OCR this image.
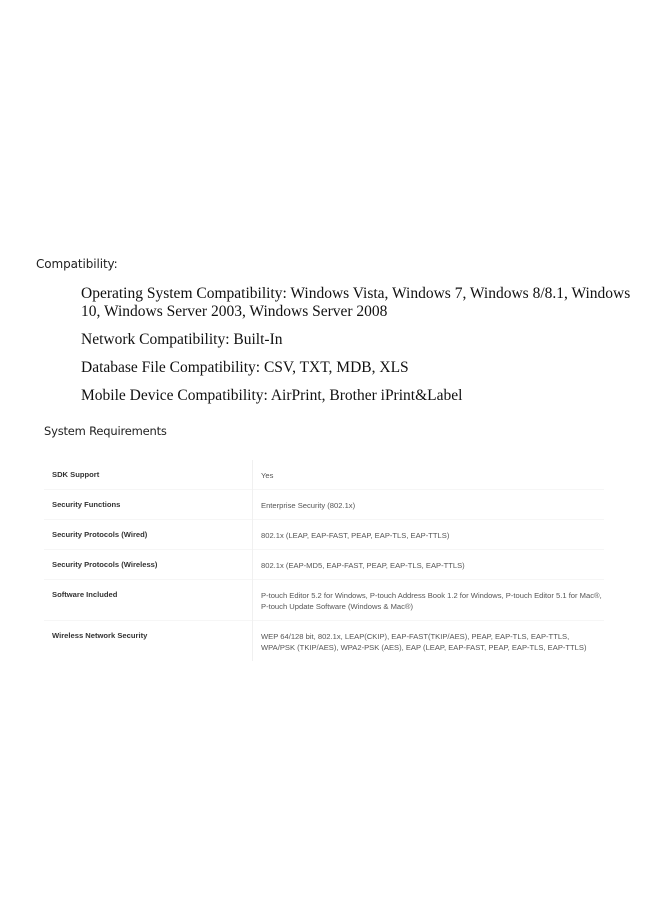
Compatibility:

Operating System Compatibility: Windows Vista, Windows 7, Windows 8/8.1, Windows 10, Windows Server 2003, Windows Server 2008

Network Compatibility: Built-In

Database File Compatibility: CSV, TXT, MDB, XLS

Mobile Device Compatibility: AirPrint, Brother iPrint&Label

System Requirements
SDK Support	Yes
Security Functions	Enterprise Security (802.1x)
Security Protocols (Wired)	802.1x (LEAP, EAP-FAST, PEAP, EAP-TLS, EAP-TTLS)
Security Protocols (Wireless)	802.1x (EAP-MD5, EAP-FAST, PEAP, EAP-TLS, EAP-TTLS)
Software Included	P-touch Editor 5.2 for Windows, P-touch Address Book 1.2 for Windows, P-touch Editor 5.1 for Mac®, P-touch Update Software (Windows & Mac®)
Wireless Network Security	WEP 64/128 bit, 802.1x, LEAP(CKIP), EAP-FAST(TKIP/AES), PEAP, EAP-TLS, EAP-TTLS, WPA/PSK (TKIP/AES), WPA2-PSK (AES), EAP (LEAP, EAP-FAST, PEAP, EAP-TLS, EAP-TTLS)
